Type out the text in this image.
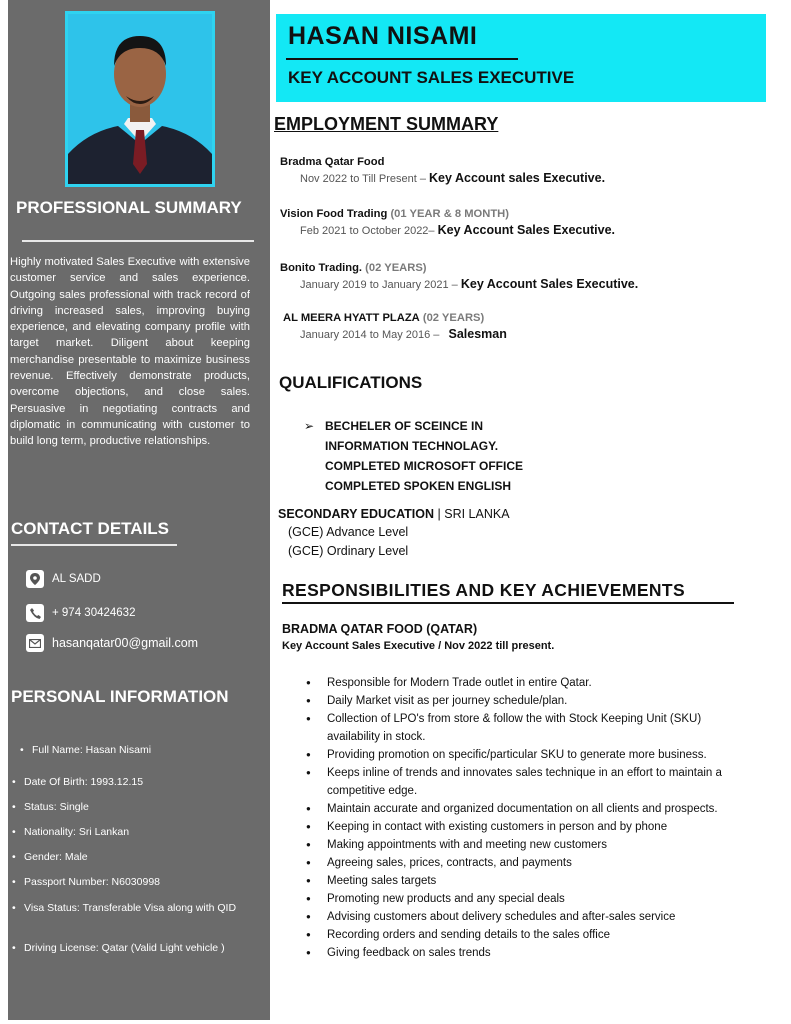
PROFESSIONAL SUMMARY

Highly motivated Sales Executive with extensive customer service and sales experience. Outgoing sales professional with track record of driving increased sales, improving buying experience, and elevating company profile with target market. Diligent about keeping merchandise presentable to maximize business revenue. Effectively demonstrate products, overcome objections, and close sales. Persuasive in negotiating contracts and diplomatic in communicating with customer to build long term, productive relationships.

CONTACT DETAILS
AL SADD
+ 974 30424632
hasanqatar00@gmail.com
PERSONAL INFORMATION
• Full Name: Hasan Nisami
• Date Of Birth: 1993.12.15
• Status: Single
• Nationality: Sri Lankan
• Gender: Male
• Passport Number: N6030998
• Visa Status: Transferable Visa along with QID
• Driving License: Qatar (Valid Light vehicle )
HASAN NISAMI
KEY ACCOUNT SALES EXECUTIVE
EMPLOYMENT SUMMARY
Bradma Qatar Food
Nov 2022 to Till Present – Key Account sales Executive.
Vision Food Trading (01 YEAR & 8 MONTH)
Feb 2021 to October 2022– Key Account Sales Executive.
Bonito Trading. (02 YEARS)
January 2019 to January 2021 – Key Account Sales Executive.
AL MEERA HYATT PLAZA (02 YEARS)
January 2014 to May 2016 – Salesman
QUALIFICATIONS
➢ BECHELER OF SCEINCE IN
INFORMATION TECHNOLAGY.
COMPLETED MICROSOFT OFFICE
COMPLETED SPOKEN ENGLISH
SECONDARY EDUCATION | SRI LANKA
(GCE) Advance Level
(GCE) Ordinary Level
RESPONSIBILITIES AND KEY ACHIEVEMENTS
BRADMA QATAR FOOD (QATAR)
Key Account Sales Executive / Nov 2022 till present.
● Responsible for Modern Trade outlet in entire Qatar.
● Daily Market visit as per journey schedule/plan.
● Collection of LPO's from store & follow the with Stock Keeping Unit (SKU) availability in stock.
● Providing promotion on specific/particular SKU to generate more business.
● Keeps inline of trends and innovates sales technique in an effort to maintain a competitive edge.
● Maintain accurate and organized documentation on all clients and prospects.
● Keeping in contact with existing customers in person and by phone
● Making appointments with and meeting new customers
● Agreeing sales, prices, contracts, and payments
● Meeting sales targets
● Promoting new products and any special deals
● Advising customers about delivery schedules and after-sales service
● Recording orders and sending details to the sales office
● Giving feedback on sales trends
